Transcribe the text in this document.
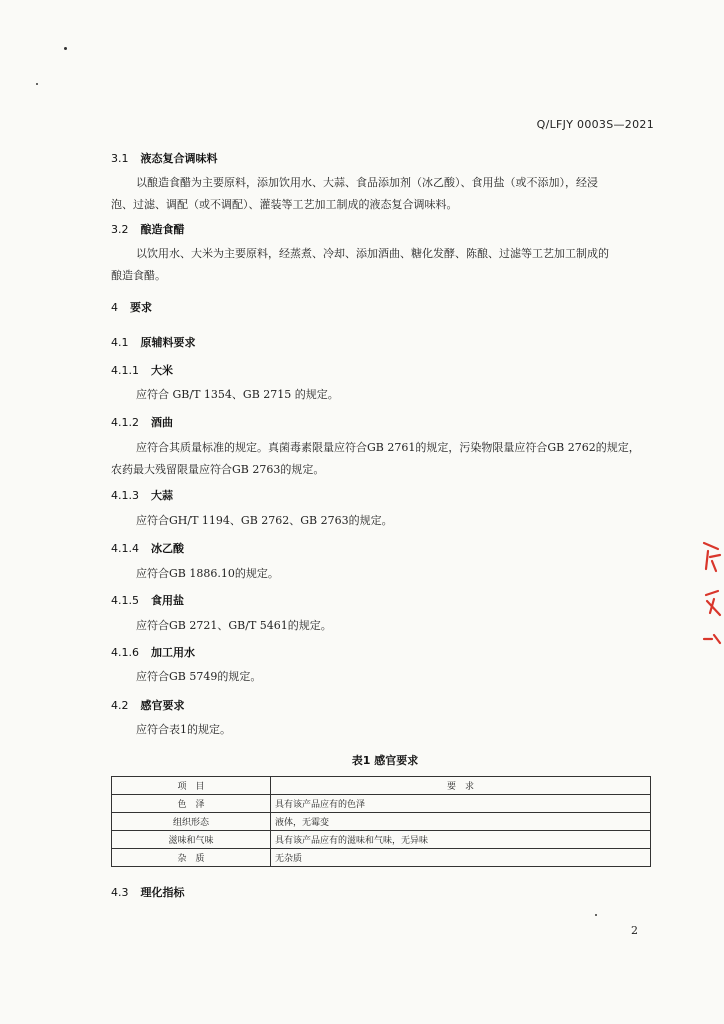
Q/LFJY 0003S—2021
3.1 液态复合调味料
以酿造食醋为主要原料，添加饮用水、大蒜、食品添加剂（冰乙酸）、食用盐（或不添加），经浸
泡、过滤、调配（或不调配）、灌装等工艺加工制成的液态复合调味料。
3.2 酿造食醋
以饮用水、大米为主要原料，经蒸煮、冷却、添加酒曲、糖化发酵、陈酿、过滤等工艺加工制成的
酿造食醋。
4 要求
4.1 原辅料要求
4.1.1 大米
应符合 GB/T 1354、GB 2715 的规定。
4.1.2 酒曲
应符合其质量标准的规定。真菌毒素限量应符合GB 2761的规定，污染物限量应符合GB 2762的规定，
农药最大残留限量应符合GB 2763的规定。
4.1.3 大蒜
应符合GH/T 1194、GB 2762、GB 2763的规定。
4.1.4 冰乙酸
应符合GB 1886.10的规定。
4.1.5 食用盐
应符合GB 2721、GB/T 5461的规定。
4.1.6 加工用水
应符合GB 5749的规定。
4.2 感官要求
应符合表1的规定。
表1 感官要求
项　目	要　求
色　泽	具有该产品应有的色泽
组织形态	液体，无霉变
滋味和气味	具有该产品应有的滋味和气味，无异味
杂　质	无杂质
4.3 理化指标
2
